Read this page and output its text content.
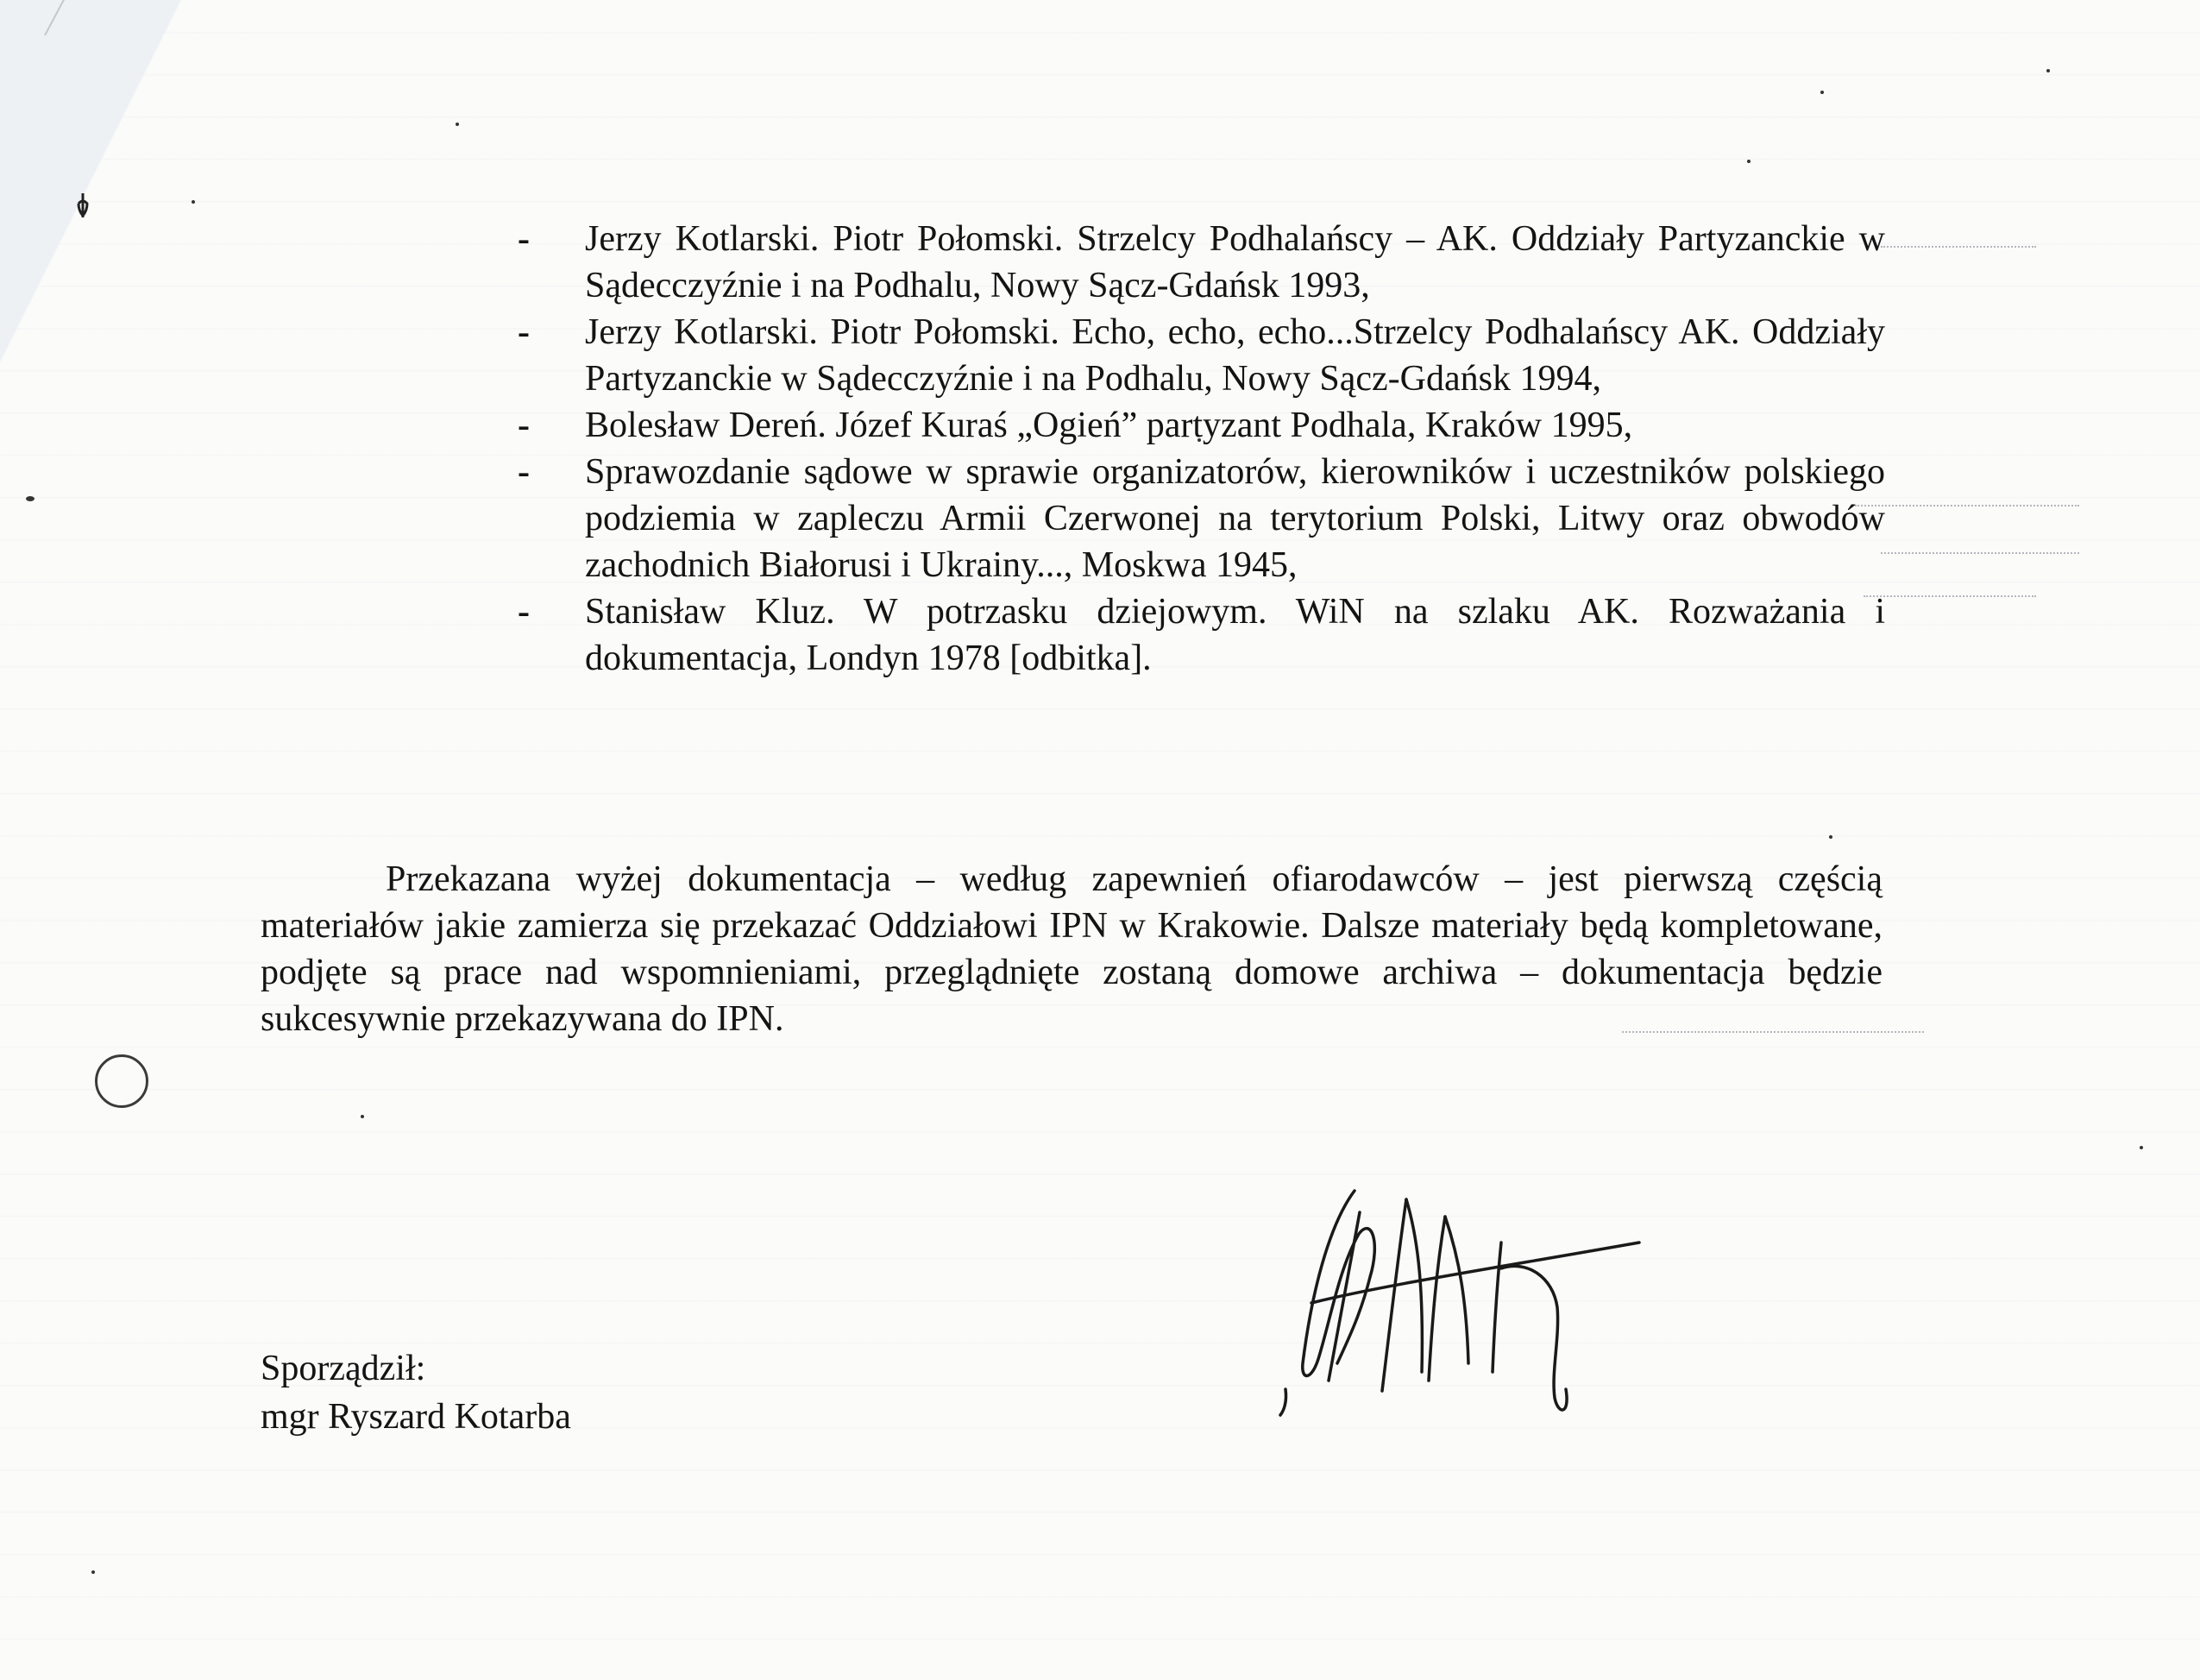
- Jerzy Kotlarski. Piotr Połomski. Strzelcy Podhalańscy – AK. Oddziały Partyzanckie w Sądecczyźnie i na Podhalu, Nowy Sącz-Gdańsk 1993,
- Jerzy Kotlarski. Piotr Połomski. Echo, echo, echo...Strzelcy Podhalańscy AK. Oddziały Partyzanckie w Sądecczyźnie i na Podhalu, Nowy Sącz-Gdańsk 1994,
- Bolesław Dereń. Józef Kuraś „Ogień” partyzant Podhala, Kraków 1995,
- Sprawozdanie sądowe w sprawie organizatorów, kierowników i uczestników polskiego podziemia w zapleczu Armii Czerwonej na terytorium Polski, Litwy oraz obwodów zachodnich Białorusi i Ukrainy..., Moskwa 1945,
- Stanisław Kluz. W potrzasku dziejowym. WiN na szlaku AK. Rozważania i dokumentacja, Londyn 1978 [odbitka].

Przekazana wyżej dokumentacja – według zapewnień ofiarodawców – jest pierwszą częścią materiałów jakie zamierza się przekazać Oddziałowi IPN w Krakowie. Dalsze materiały będą kompletowane, podjęte są prace nad wspomnieniami, przeglądnięte zostaną domowe archiwa – dokumentacja będzie sukcesywnie przekazywana do IPN.

Sporządził:
mgr Ryszard Kotarba
